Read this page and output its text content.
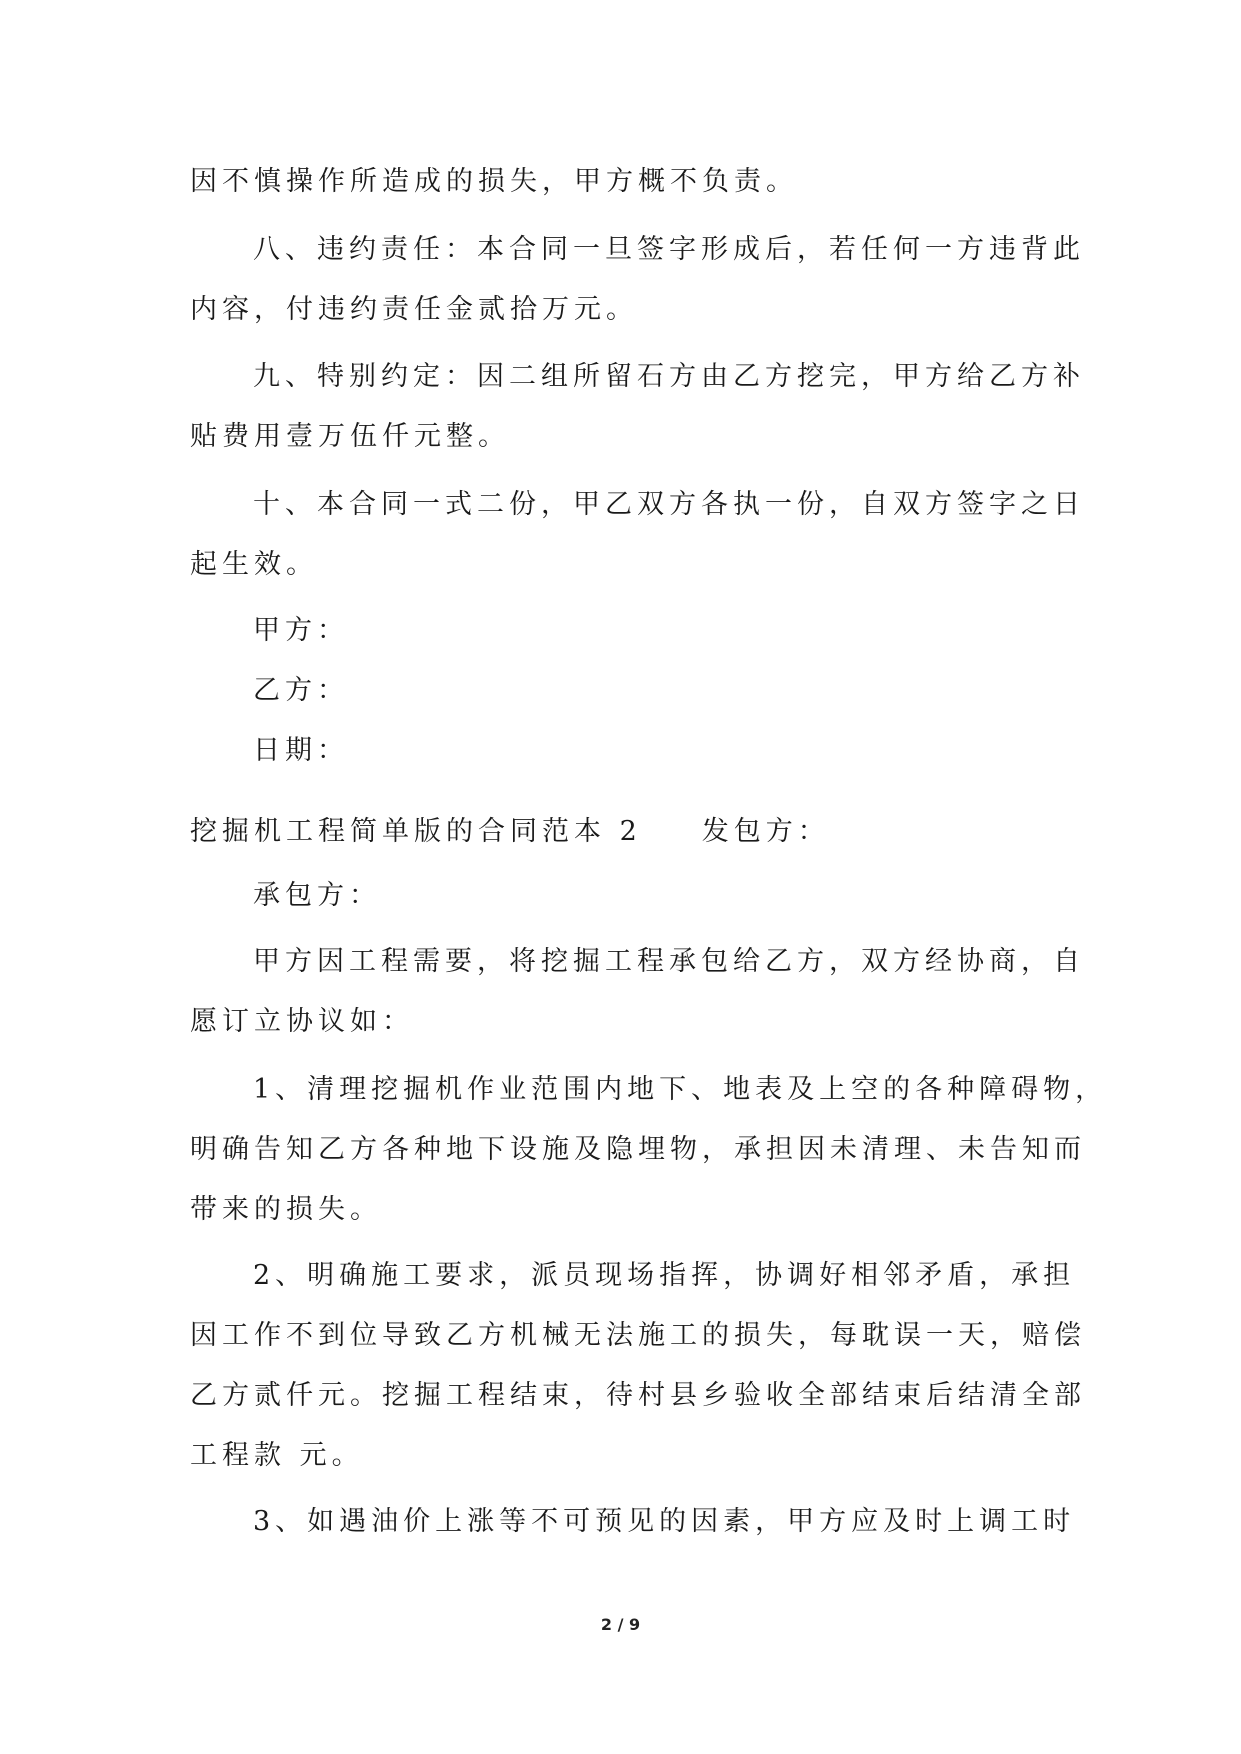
因不慎操作所造成的损失，甲方概不负责。
八、违约责任：本合同一旦签字形成后，若任何一方违背此
内容，付违约责任金贰拾万元。
九、特别约定：因二组所留石方由乙方挖完，甲方给乙方补
贴费用壹万伍仟元整。
十、本合同一式二份，甲乙双方各执一份，自双方签字之日
起生效。
甲方：
乙方：
日期：
挖掘机工程简单版的合同范本 2 发包方：
承包方：
甲方因工程需要，将挖掘工程承包给乙方，双方经协商，自
愿订立协议如：
1、清理挖掘机作业范围内地下、地表及上空的各种障碍物，
明确告知乙方各种地下设施及隐埋物，承担因未清理、未告知而
带来的损失。
2、明确施工要求，派员现场指挥，协调好相邻矛盾，承担
因工作不到位导致乙方机械无法施工的损失，每耽误一天，赔偿
乙方贰仟元。挖掘工程结束，待村县乡验收全部结束后结清全部
工程款 元。
3、如遇油价上涨等不可预见的因素，甲方应及时上调工时
2 / 9
